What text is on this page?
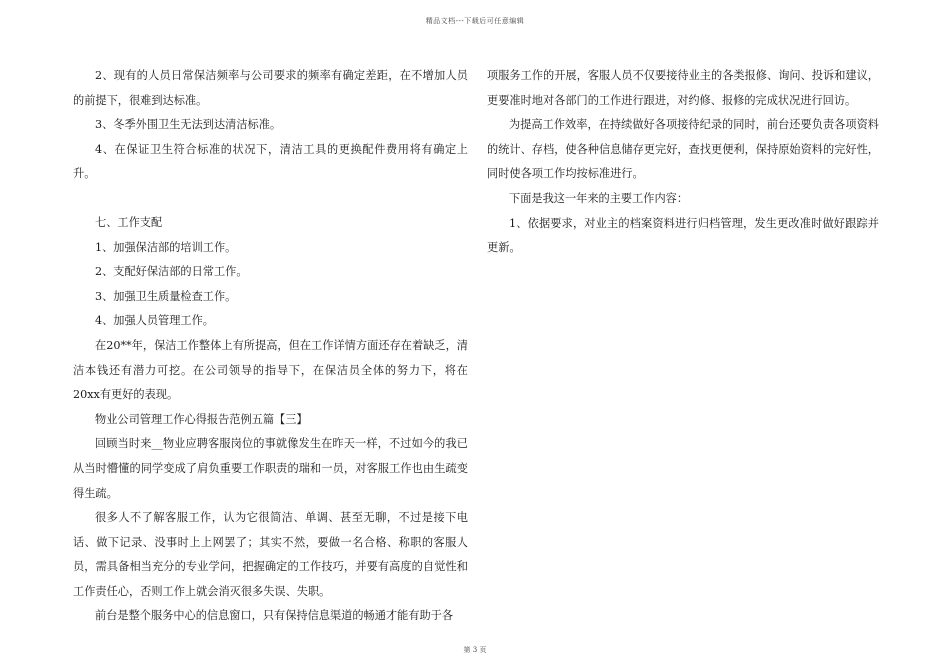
精品文档---下载后可任意编辑

2、现有的人员日常保洁频率与公司要求的频率有确定差距，在不增加人员的前提下，很难到达标准。

3、冬季外围卫生无法到达清洁标准。

4、在保证卫生符合标准的状况下，清洁工具的更换配件费用将有确定上升。

七、工作支配

1、加强保洁部的培训工作。

2、支配好保洁部的日常工作。

3、加强卫生质量检查工作。

4、加强人员管理工作。

在20**年，保洁工作整体上有所提高，但在工作详情方面还存在着缺乏，清洁本钱还有潜力可挖。在公司领导的指导下，在保洁员全体的努力下，将在20xx有更好的表现。

物业公司管理工作心得报告范例五篇【三】

回顾当时来__物业应聘客服岗位的事就像发生在昨天一样，不过如今的我已从当时懵懂的同学变成了肩负重要工作职责的瑞和一员，对客服工作也由生疏变得生疏。

很多人不了解客服工作，认为它很简洁、单调、甚至无聊，不过是接下电话、做下记录、没事时上上网罢了；其实不然，要做一名合格、称职的客服人员，需具备相当充分的专业学问，把握确定的工作技巧，并要有高度的自觉性和工作责任心，否则工作上就会消灭很多失误、失职。

前台是整个服务中心的信息窗口，只有保持信息渠道的畅通才能有助于各

项服务工作的开展，客服人员不仅要接待业主的各类报修、询问、投诉和建议，更要准时地对各部门的工作进行跟进，对约修、报修的完成状况进行回访。

为提高工作效率，在持续做好各项接待纪录的同时，前台还要负责各项资料的统计、存档，使各种信息储存更完好，查找更便利，保持原始资料的完好性，同时使各项工作均按标准进行。

下面是我这一年来的主要工作内容：

1、依据要求，对业主的档案资料进行归档管理，发生更改准时做好跟踪并更新。

第 3 页
